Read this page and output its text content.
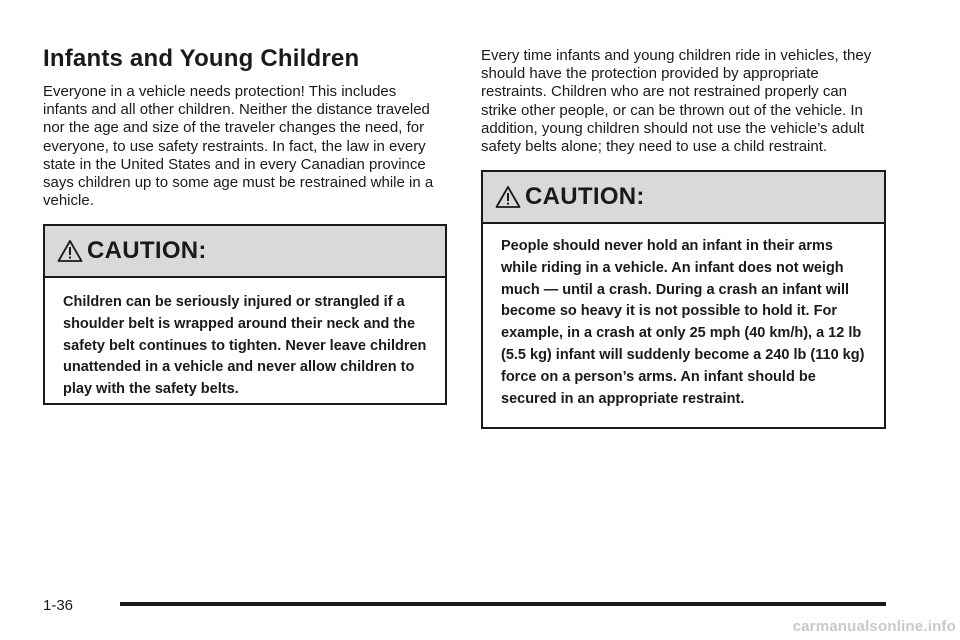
Infants and Young Children

Everyone in a vehicle needs protection! This includes infants and all other children. Neither the distance traveled nor the age and size of the traveler changes the need, for everyone, to use safety restraints. In fact, the law in every state in the United States and in every Canadian province says children up to some age must be restrained while in a vehicle.

CAUTION:

Children can be seriously injured or strangled if a shoulder belt is wrapped around their neck and the safety belt continues to tighten. Never leave children unattended in a vehicle and never allow children to play with the safety belts.

Every time infants and young children ride in vehicles, they should have the protection provided by appropriate restraints. Children who are not restrained properly can strike other people, or can be thrown out of the vehicle. In addition, young children should not use the vehicle’s adult safety belts alone; they need to use a child restraint.

CAUTION:

People should never hold an infant in their arms while riding in a vehicle. An infant does not weigh much — until a crash. During a crash an infant will become so heavy it is not possible to hold it. For example, in a crash at only 25 mph (40 km/h), a 12 lb (5.5 kg) infant will suddenly become a 240 lb (110 kg) force on a person’s arms. An infant should be secured in an appropriate restraint.

1-36
carmanualsonline.info
